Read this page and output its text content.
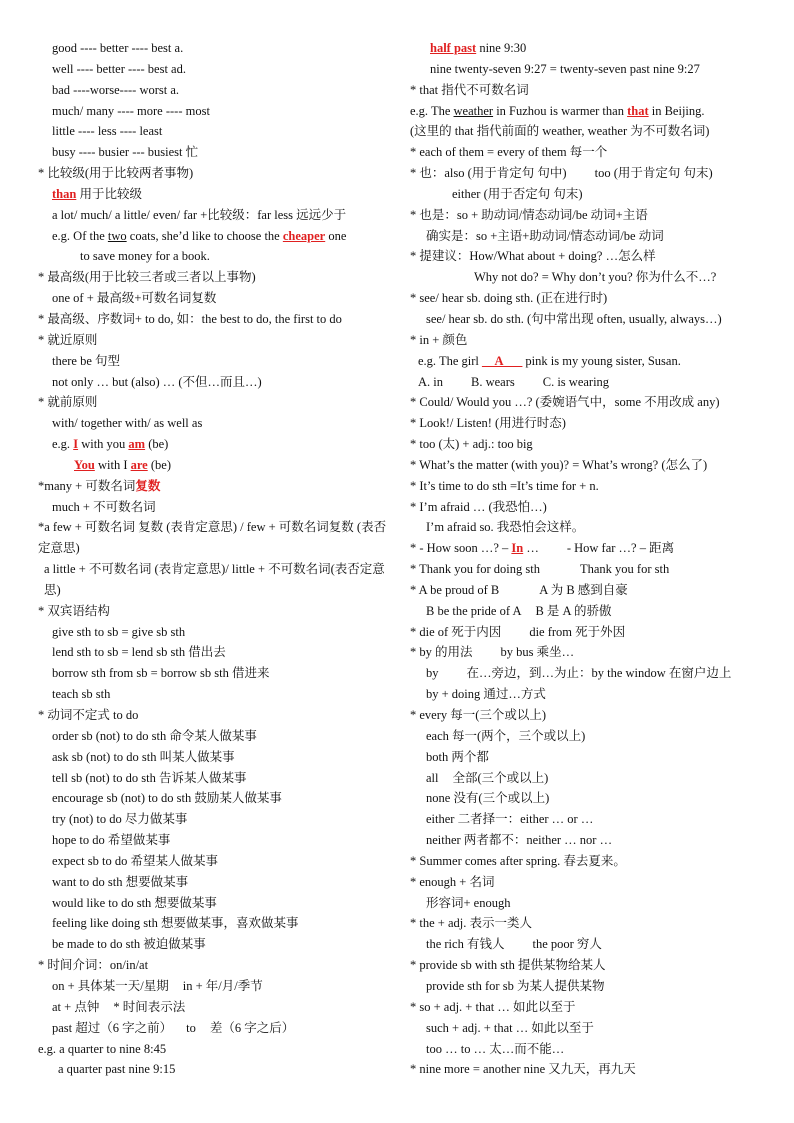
good ---- better ---- best a.
well ---- better ---- best ad.
bad ----worse---- worst a.
much/ many ---- more ---- most
little ---- less ---- least
busy ---- busier --- busiest 忙
* 比较级(用于比较两者事物)
than 用于比较级
a lot/ much/ a little/ even/ far +比较级：far less 远远少于
e.g. Of the two coats, she’d like to choose the cheaper one
to save money for a book.
* 最高级(用于比较三者或三者以上事物)
one of + 最高级+可数名词复数
* 最高级、序数词+ to do, 如：the best to do, the first to do
* 就近原则
there be 句型
not only … but (also) … (不但…而且…)
* 就前原则
with/ together with/ as well as
e.g. I with you am (be)
You with I are (be)
*many + 可数名词复数
much + 不可数名词
*a few + 可数名词 复数 (表肯定意思) / few + 可数名词复数 (表否定意思)
a little + 不可数名词 (表肯定意思)/ little + 不可数名词(表否定意思)
* 双宾语结构
give sth to sb = give sb sth
lend sth to sb = lend sb sth 借出去
borrow sth from sb = borrow sb sth 借进来
teach sb sth
* 动词不定式 to do
order sb (not) to do sth 命令某人做某事
ask sb (not) to do sth 叫某人做某事
tell sb (not) to do sth 告诉某人做某事
encourage sb (not) to do sth 鼓励某人做某事
try (not) to do 尽力做某事
hope to do 希望做某事
expect sb to do 希望某人做某事
want to do sth 想要做某事
would like to do sth 想要做某事
feeling like doing sth 想要做某事，喜欢做某事
be made to do sth 被迫做某事
* 时间介词：on/in/at
on + 具体某一天/星期 in + 年/月/季节
at + 点钟 * 时间表示法
past 超过（6 字之前） to 差（6 字之后）
e.g. a quarter to nine 8:45
a quarter past nine 9:15
half past nine 9:30
nine twenty-seven 9:27 = twenty-seven past nine 9:27
* that 指代不可数名词
e.g. The weather in Fuzhou is warmer than that in Beijing.
(这里的 that 指代前面的 weather, weather 为不可数名词)
* each of them = every of them 每一个
* 也：also (用于肯定句 句中) too (用于肯定句 句末)
either (用于否定句 句末)
* 也是：so + 助动词/情态动词/be 动词+主语
确实是：so +主语+助动词/情态动词/be 动词
* 提建议：How/What about + doing? …怎么样
Why not do? = Why don’t you? 你为什么不…?
* see/ hear sb. doing sth. (正在进行时)
see/ hear sb. do sth. (句中常出现 often, usually, always…)
* in + 颜色
e.g. The girl __A___ pink is my young sister, Susan.
A. in B. wears C. is wearing
* Could/ Would you …? (委婉语气中，some 不用改成 any)
* Look!/ Listen! (用进行时态)
* too (太) + adj.: too big
* What’s the matter (with you)? = What’s wrong? (怎么了)
* It’s time to do sth =It’s time for + n.
* I’m afraid … (我恐怕…)
I’m afraid so. 我恐怕会这样。
* - How soon …? – In … - How far …? – 距离
* Thank you for doing sth	Thank you for sth
* A be proud of B	A 为 B 感到自豪
B be the pride of A B 是 A 的骄傲
* die of 死于内因 die from 死于外因
* by 的用法 by bus 乘坐…
by 在…旁边，到…为止：by the window 在窗户边上
by + doing 通过…方式
* every 每一(三个或以上)
each 每一(两个，三个或以上)
both 两个都
all 全部(三个或以上)
none 没有(三个或以上)
either 二者择一：either … or …
neither 两者都不：neither … nor …
* Summer comes after spring. 春去夏来。
* enough + 名词
形容词+ enough
* the + adj. 表示一类人
the rich 有钱人 the poor 穷人
* provide sb with sth 提供某物给某人
provide sth for sb 为某人提供某物
* so + adj. + that … 如此以至于
such + adj. + that … 如此以至于
too … to … 太…而不能…
* nine more = another nine 又九天，再九天
